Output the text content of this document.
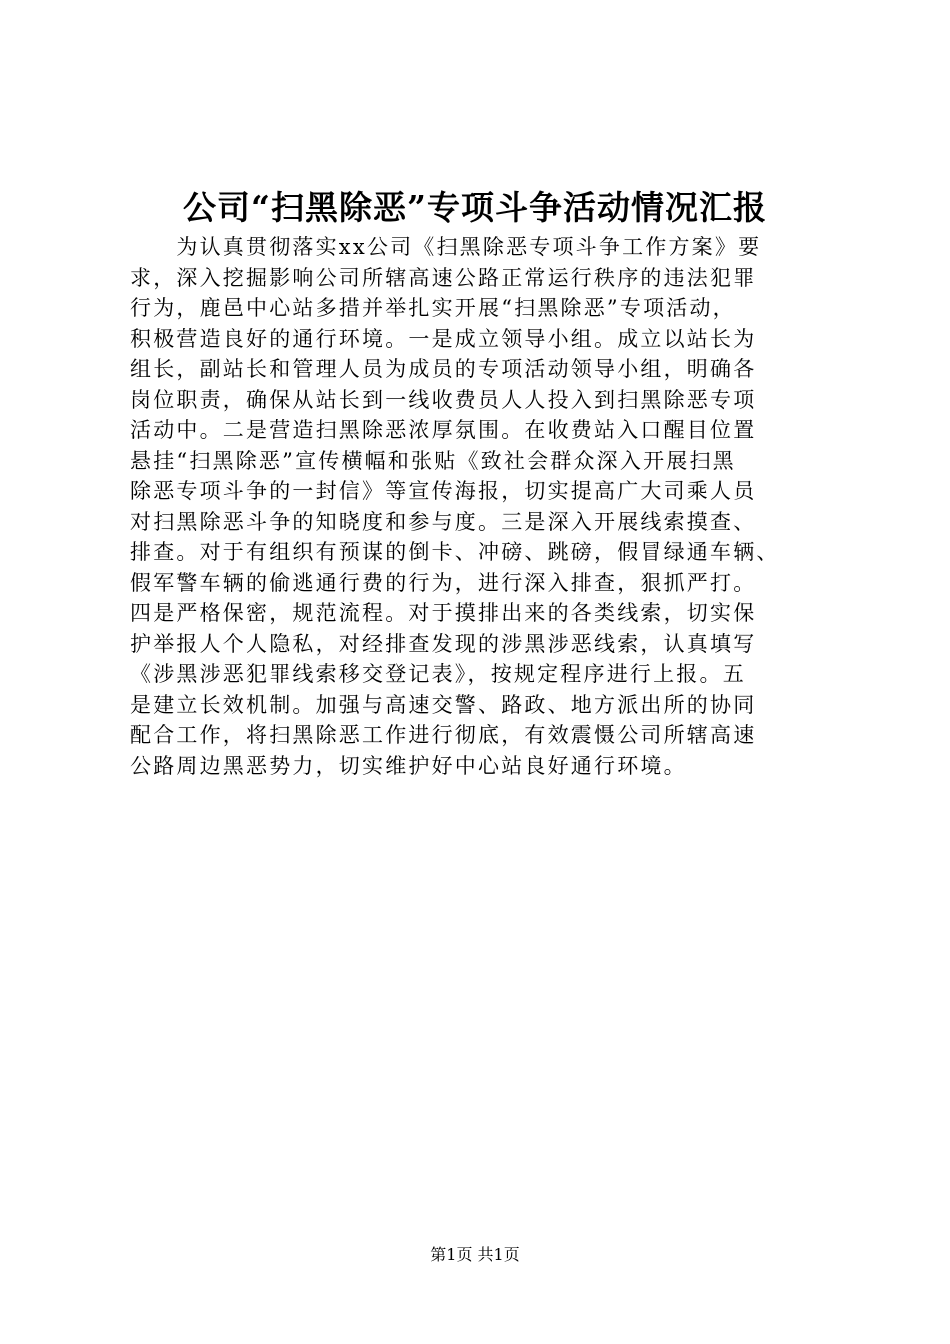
公司“扫黑除恶”专项斗争活动情况汇报
　　为认真贯彻落实xx公司《扫黑除恶专项斗争工作方案》要
求，深入挖掘影响公司所辖高速公路正常运行秩序的违法犯罪
行为，鹿邑中心站多措并举扎实开展“扫黑除恶”专项活动，
积极营造良好的通行环境。一是成立领导小组。成立以站长为
组长，副站长和管理人员为成员的专项活动领导小组，明确各
岗位职责，确保从站长到一线收费员人人投入到扫黑除恶专项
活动中。二是营造扫黑除恶浓厚氛围。在收费站入口醒目位置
悬挂“扫黑除恶”宣传横幅和张贴《致社会群众深入开展扫黑
除恶专项斗争的一封信》等宣传海报，切实提高广大司乘人员
对扫黑除恶斗争的知晓度和参与度。三是深入开展线索摸查、
排查。对于有组织有预谋的倒卡、冲磅、跳磅，假冒绿通车辆、
假军警车辆的偷逃通行费的行为，进行深入排查，狠抓严打。
四是严格保密，规范流程。对于摸排出来的各类线索，切实保
护举报人个人隐私，对经排查发现的涉黑涉恶线索，认真填写
《涉黑涉恶犯罪线索移交登记表》，按规定程序进行上报。五
是建立长效机制。加强与高速交警、路政、地方派出所的协同
配合工作，将扫黑除恶工作进行彻底，有效震慑公司所辖高速
公路周边黑恶势力，切实维护好中心站良好通行环境。
第1页 共1页
